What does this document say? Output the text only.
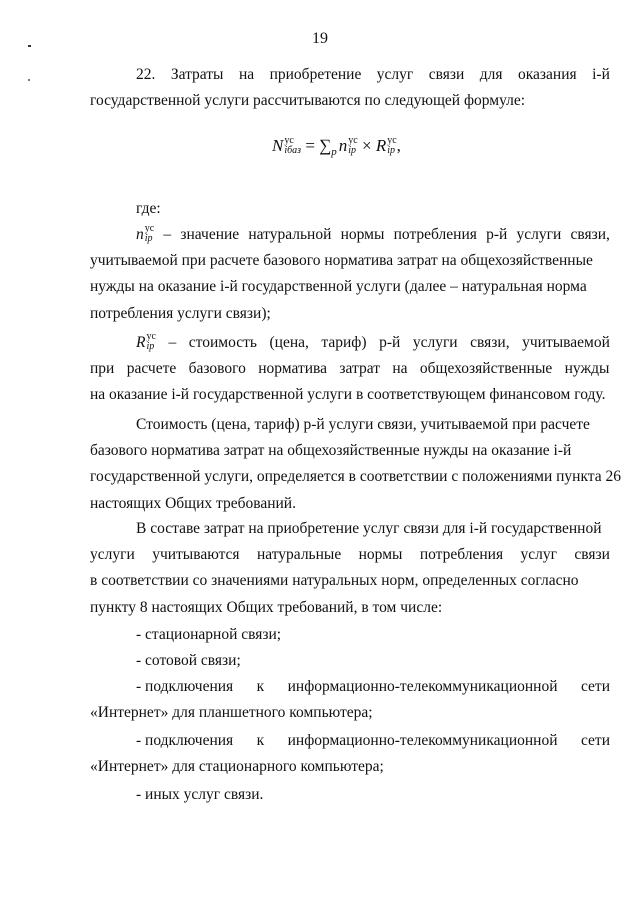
19
22. Затраты на приобретение услуг связи для оказания i-й
государственной услуги рассчитываются по следующей формуле:
N ус
iбаз = $\sum_p$ n ус
ip × R ус
ip ,
где:
n ус
ip – значение натуральной нормы потребления р-й услуги связи,
учитываемой при расчете базового норматива затрат на общехозяйственные
нужды на оказание i-й государственной услуги (далее – натуральная норма
потребления услуги связи);
R ус
ip – стоимость (цена, тариф) р-й услуги связи, учитываемой
при расчете базового норматива затрат на общехозяйственные нужды
на оказание i-й государственной услуги в соответствующем финансовом году.
Стоимость (цена, тариф) р-й услуги связи, учитываемой при расчете
базового норматива затрат на общехозяйственные нужды на оказание i-й
государственной услуги, определяется в соответствии с положениями пункта 26
настоящих Общих требований.
В составе затрат на приобретение услуг связи для i-й государственной
услуги учитываются натуральные нормы потребления услуг связи
в соответствии со значениями натуральных норм, определенных согласно
пункту 8 настоящих Общих требований, в том числе:
- стационарной связи;
- сотовой связи;
- подключения к информационно-телекоммуникационной сети
«Интернет» для планшетного компьютера;
- подключения к информационно-телекоммуникационной сети
«Интернет» для стационарного компьютера;
- иных услуг связи.
